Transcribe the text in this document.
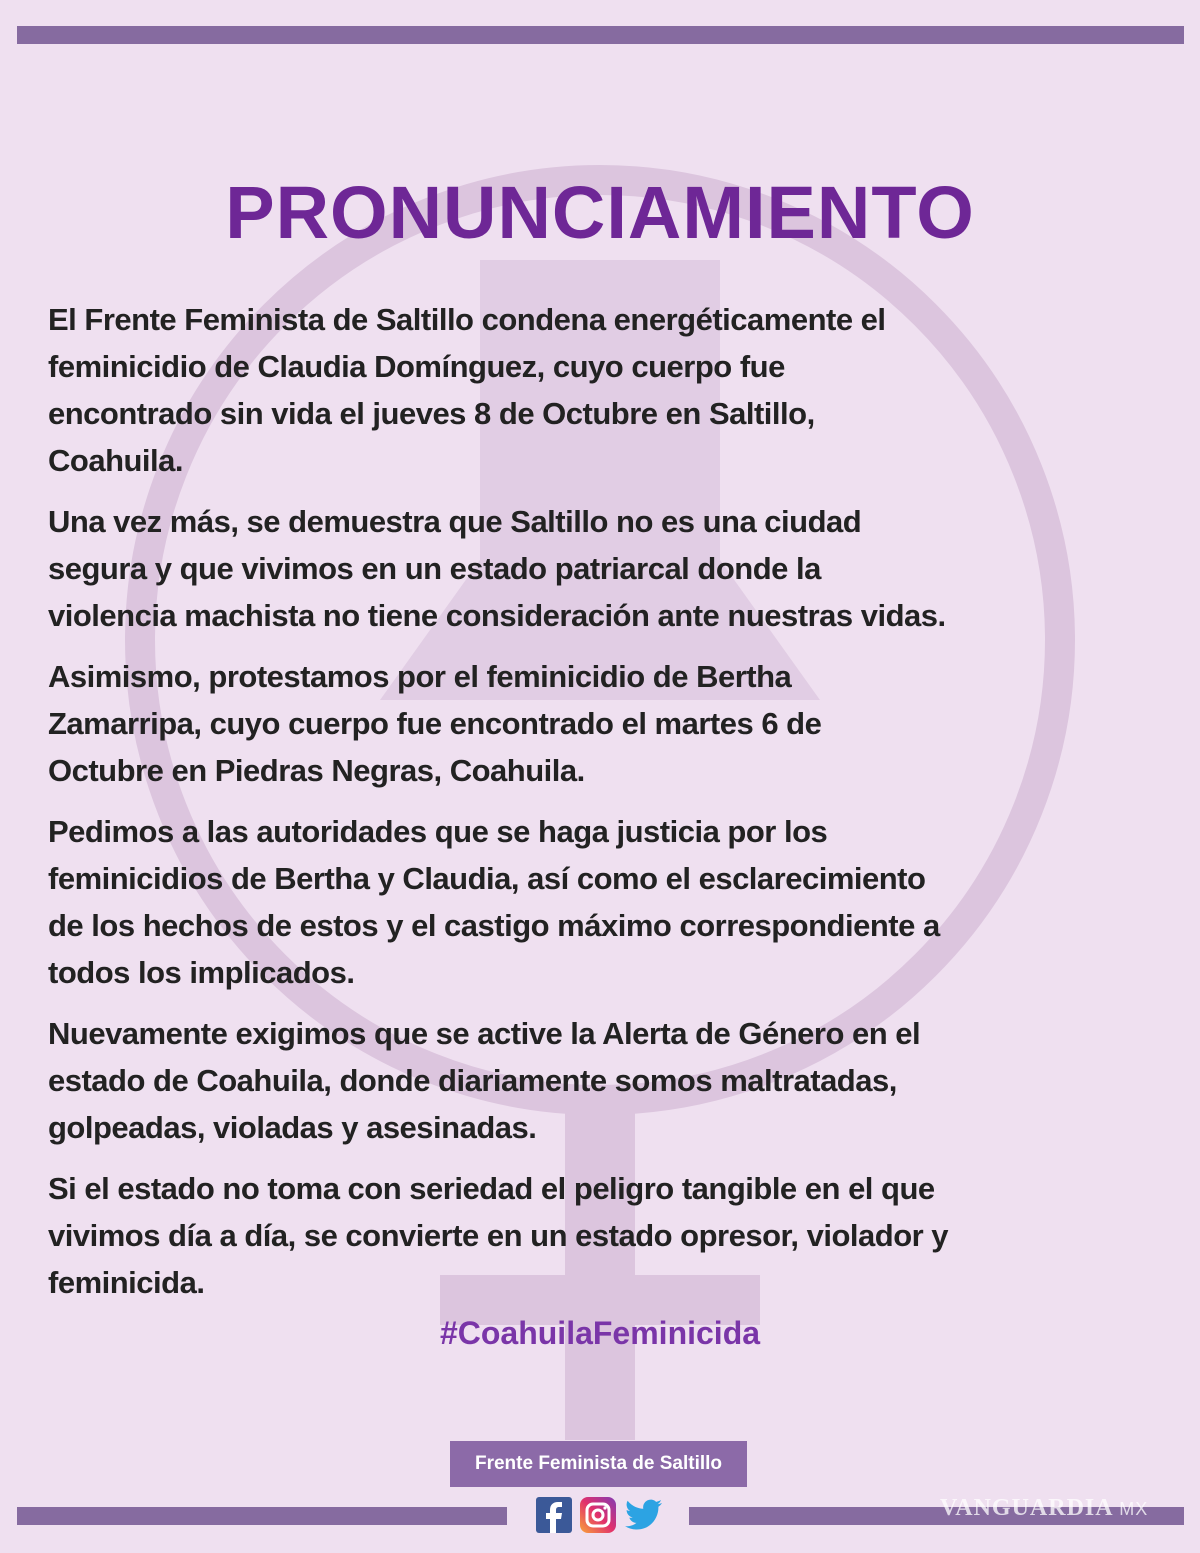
PRONUNCIAMIENTO
El Frente Feminista de Saltillo condena energéticamente el
feminicidio de Claudia Domínguez, cuyo cuerpo fue
encontrado sin vida el jueves 8 de Octubre en Saltillo,
Coahuila.
Una vez más, se demuestra que Saltillo no es una ciudad
segura y que vivimos en un estado patriarcal donde la
violencia machista no tiene consideración ante nuestras vidas.
Asimismo, protestamos por el feminicidio de Bertha
Zamarripa, cuyo cuerpo fue encontrado el martes 6 de
Octubre en Piedras Negras, Coahuila.
Pedimos a las autoridades que se haga justicia por los
feminicidios de Bertha y Claudia, así como el esclarecimiento
de los hechos de estos y el castigo máximo correspondiente a
todos los implicados.
Nuevamente exigimos que se active la Alerta de Género en el
estado de Coahuila, donde diariamente somos maltratadas,
golpeadas, violadas y asesinadas.
Si el estado no toma con seriedad el peligro tangible en el que
vivimos día a día, se convierte en un estado opresor, violador y
feminicida.
#CoahuilaFeminicida
Frente Feminista de Saltillo
VANGUARDIA MX
